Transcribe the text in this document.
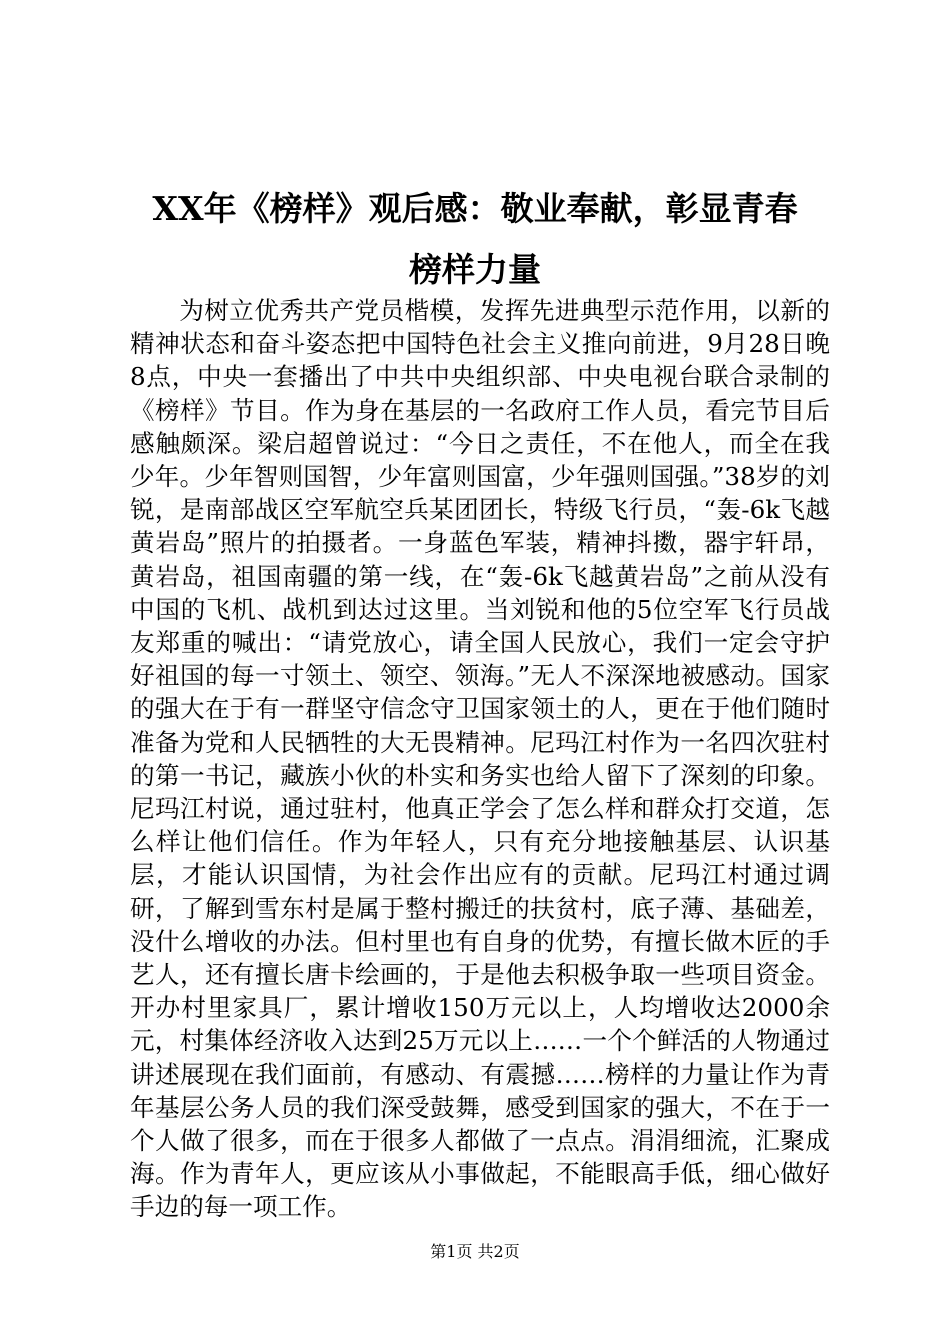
XX年《榜样》观后感：敬业奉献，彰显青春
榜样力量

为树立优秀共产党员楷模，发挥先进典型示范作用，以新的精神状态和奋斗姿态把中国特色社会主义推向前进，9月28日晚8点，中央一套播出了中共中央组织部、中央电视台联合录制的《榜样》节目。作为身在基层的一名政府工作人员，看完节目后感触颇深。梁启超曾说过：“今日之责任，不在他人，而全在我少年。少年智则国智，少年富则国富，少年强则国强。”38岁的刘锐，是南部战区空军航空兵某团团长，特级飞行员，“轰-6k飞越黄岩岛”照片的拍摄者。一身蓝色军装，精神抖擞，器宇轩昂，黄岩岛，祖国南疆的第一线，在“轰-6k飞越黄岩岛”之前从没有中国的飞机、战机到达过这里。当刘锐和他的5位空军飞行员战友郑重的喊出：“请党放心，请全国人民放心，我们一定会守护好祖国的每一寸领土、领空、领海。”无人不深深地被感动。国家的强大在于有一群坚守信念守卫国家领土的人，更在于他们随时准备为党和人民牺牲的大无畏精神。尼玛江村作为一名四次驻村的第一书记，藏族小伙的朴实和务实也给人留下了深刻的印象。尼玛江村说，通过驻村，他真正学会了怎么样和群众打交道，怎么样让他们信任。作为年轻人，只有充分地接触基层、认识基层，才能认识国情，为社会作出应有的贡献。尼玛江村通过调研，了解到雪东村是属于整村搬迁的扶贫村，底子薄、基础差，没什么增收的办法。但村里也有自身的优势，有擅长做木匠的手艺人，还有擅长唐卡绘画的，于是他去积极争取一些项目资金。开办村里家具厂，累计增收150万元以上，人均增收达2000余元，村集体经济收入达到25万元以上……一个个鲜活的人物通过讲述展现在我们面前，有感动、有震撼……榜样的力量让作为青年基层公务人员的我们深受鼓舞，感受到国家的强大，不在于一个人做了很多，而在于很多人都做了一点点。涓涓细流，汇聚成海。作为青年人，更应该从小事做起，不能眼高手低，细心做好手边的每一项工作。

第1页 共2页
